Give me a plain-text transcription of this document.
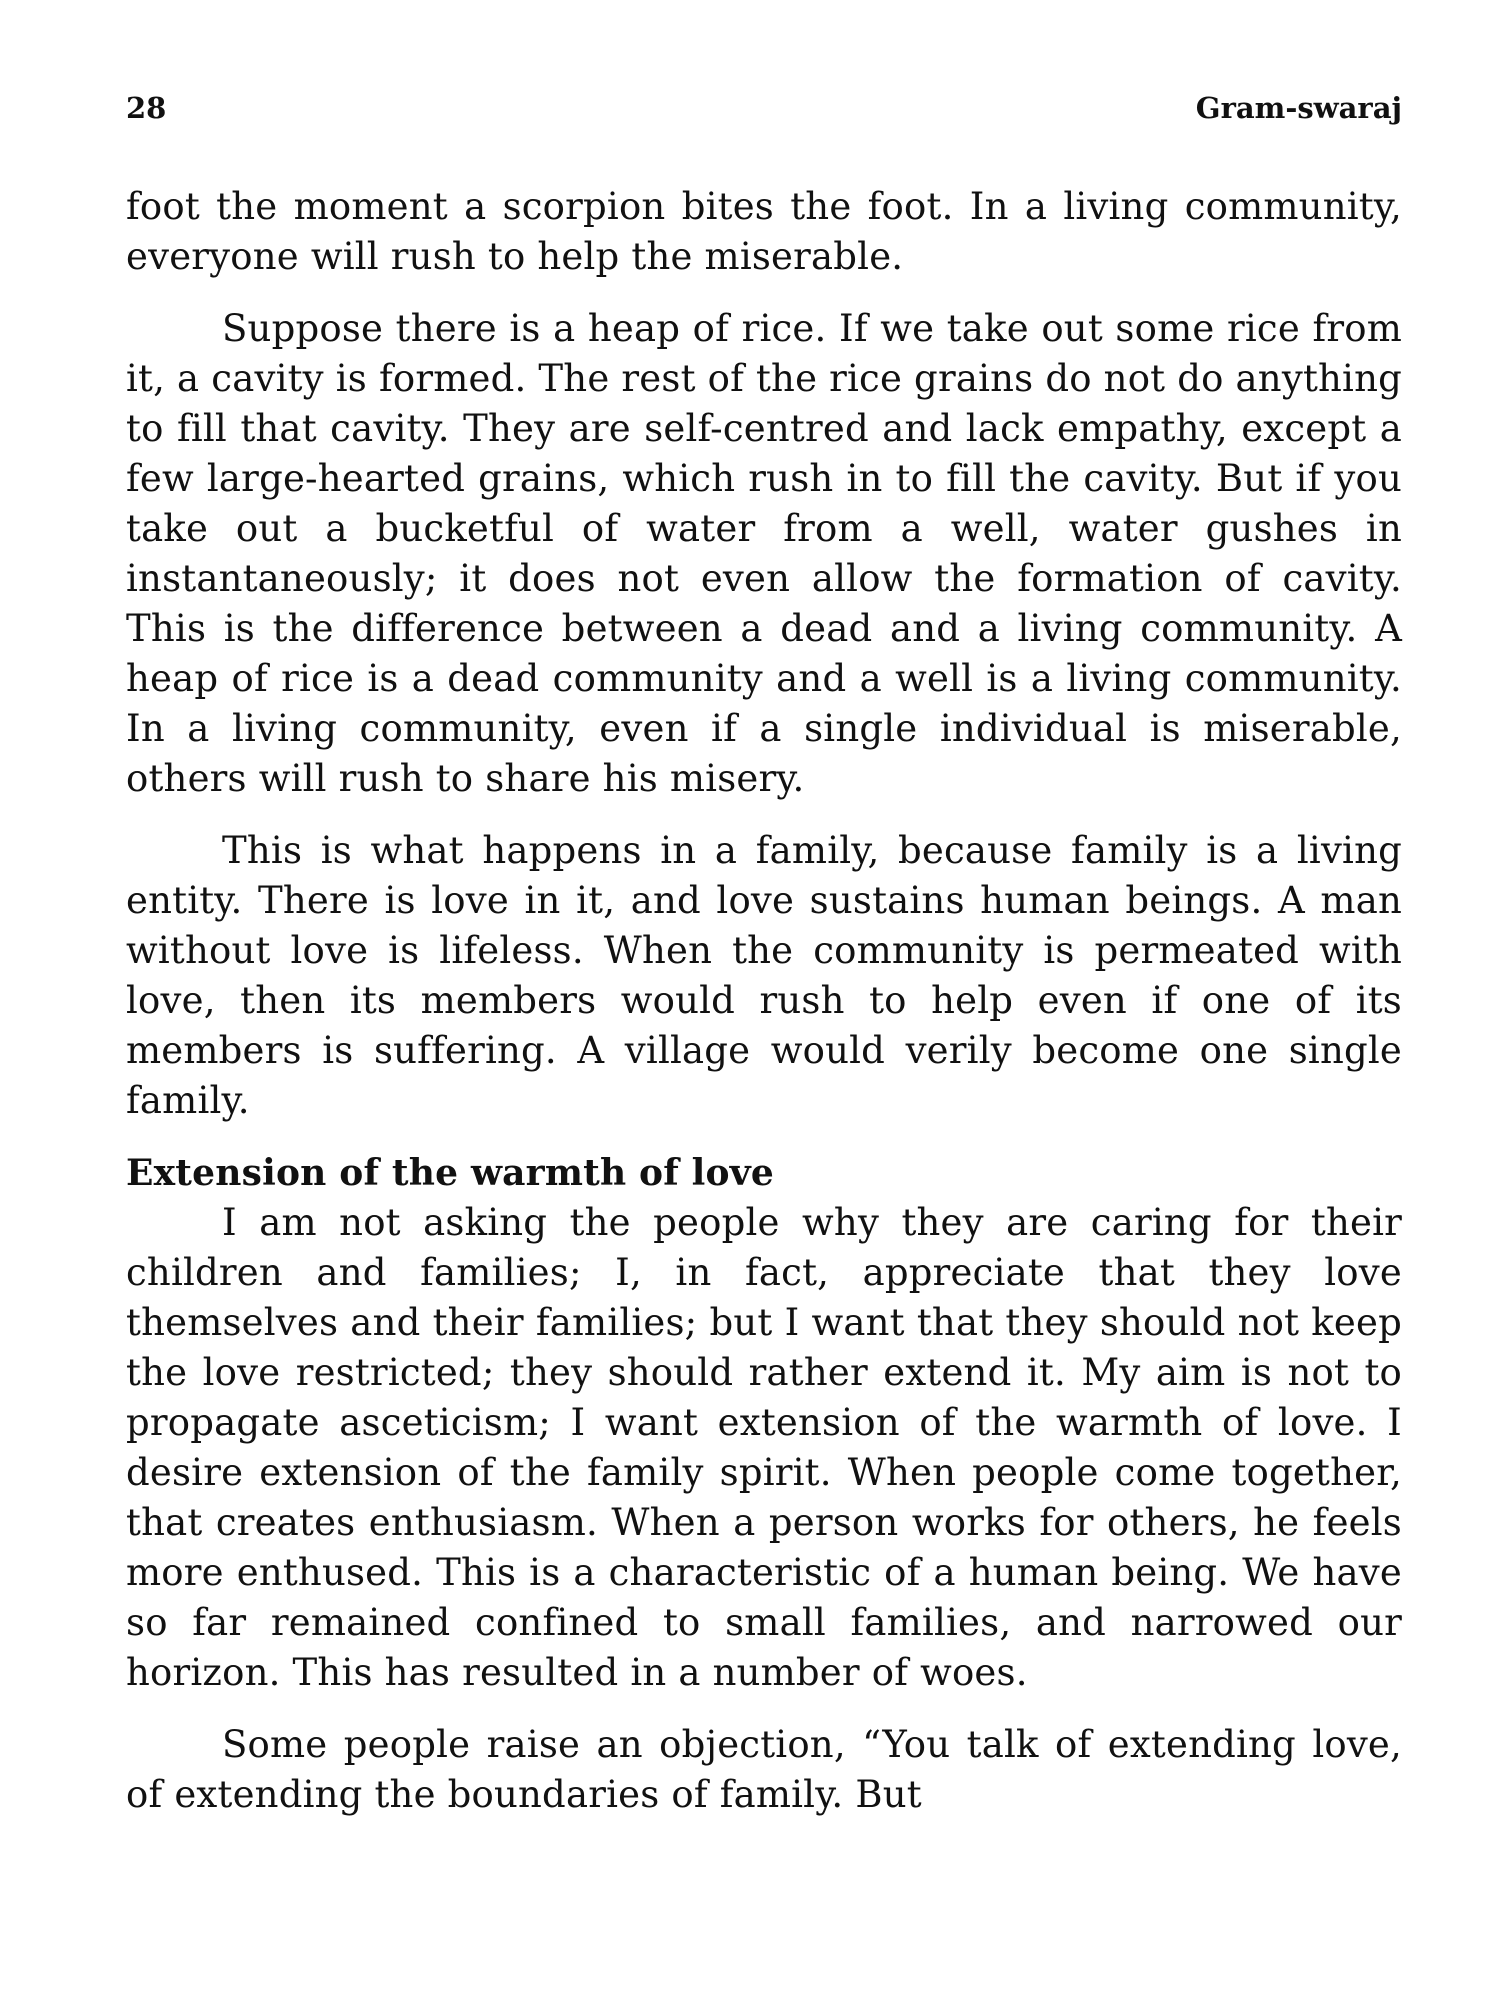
28	Gram-swaraj

foot the moment a scorpion bites the foot. In a living community, everyone will rush to help the miserable.

Suppose there is a heap of rice. If we take out some rice from it, a cavity is formed. The rest of the rice grains do not do anything to fill that cavity. They are self-centred and lack empathy, except a few large-hearted grains, which rush in to fill the cavity. But if you take out a bucketful of water from a well, water gushes in instantaneously; it does not even allow the formation of cavity. This is the difference between a dead and a living community. A heap of rice is a dead community and a well is a living community. In a living community, even if a single individual is miserable, others will rush to share his misery.

This is what happens in a family, because family is a living entity. There is love in it, and love sustains human beings. A man without love is lifeless. When the community is permeated with love, then its members would rush to help even if one of its members is suffering. A village would verily become one single family.

Extension of the warmth of love

I am not asking the people why they are caring for their children and families; I, in fact, appreciate that they love themselves and their families; but I want that they should not keep the love restricted; they should rather extend it. My aim is not to propagate asceticism; I want extension of the warmth of love. I desire extension of the family spirit. When people come together, that creates enthusiasm. When a person works for others, he feels more enthused. This is a characteristic of a human being. We have so far remained confined to small families, and narrowed our horizon. This has resulted in a number of woes.

Some people raise an objection, “You talk of extending love, of extending the boundaries of family. But
